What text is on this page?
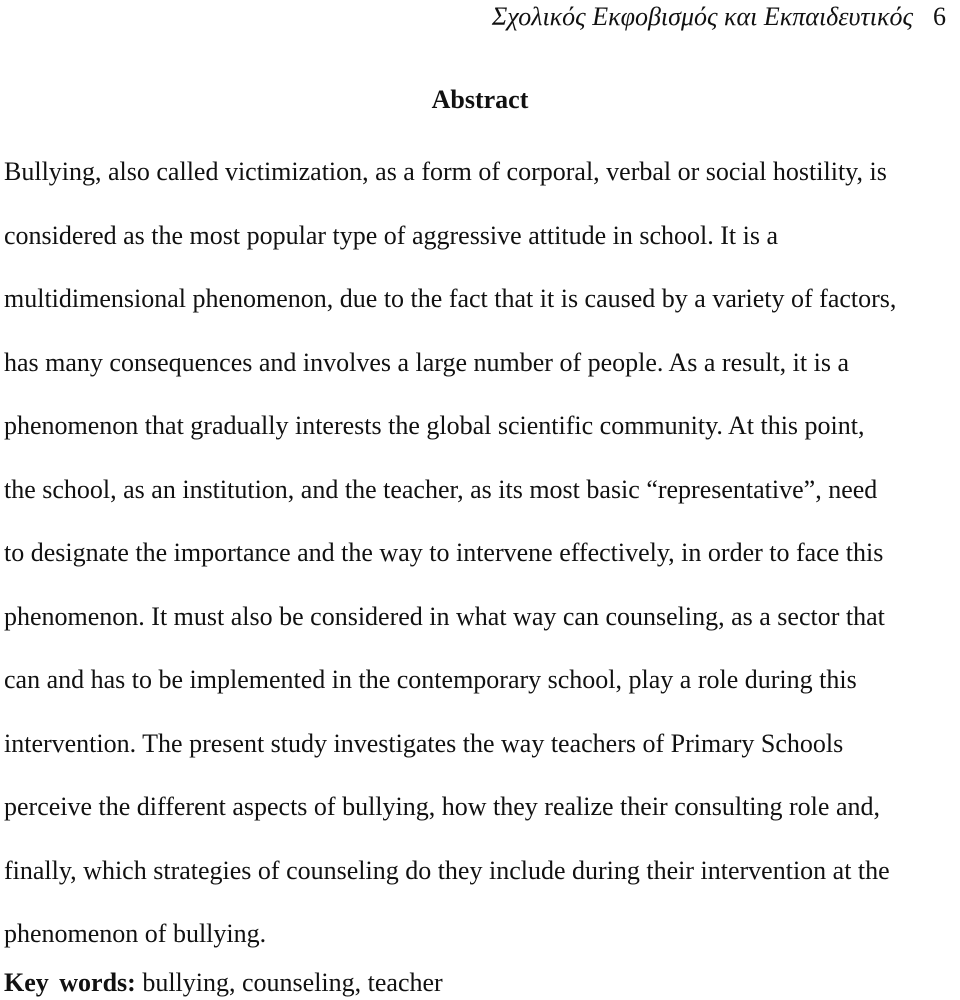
Σχολικός Εκφοβισμός και Εκπαιδευτικός 6
Abstract
Bullying, also called victimization, as a form of corporal, verbal or social hostility, is
considered as the most popular type of aggressive attitude in school. It is a
multidimensional phenomenon, due to the fact that it is caused by a variety of factors,
has many consequences and involves a large number of people. As a result, it is a
phenomenon that gradually interests the global scientific community. At this point,
the school, as an institution, and the teacher, as its most basic “representative”, need
to designate the importance and the way to intervene effectively, in order to face this
phenomenon. It must also be considered in what way can counseling, as a sector that
can and has to be implemented in the contemporary school, play a role during this
intervention. The present study investigates the way teachers of Primary Schools
perceive the different aspects of bullying, how they realize their consulting role and,
finally, which strategies of counseling do they include during their intervention at the
phenomenon of bullying.
Key words: bullying, counseling, teacher
